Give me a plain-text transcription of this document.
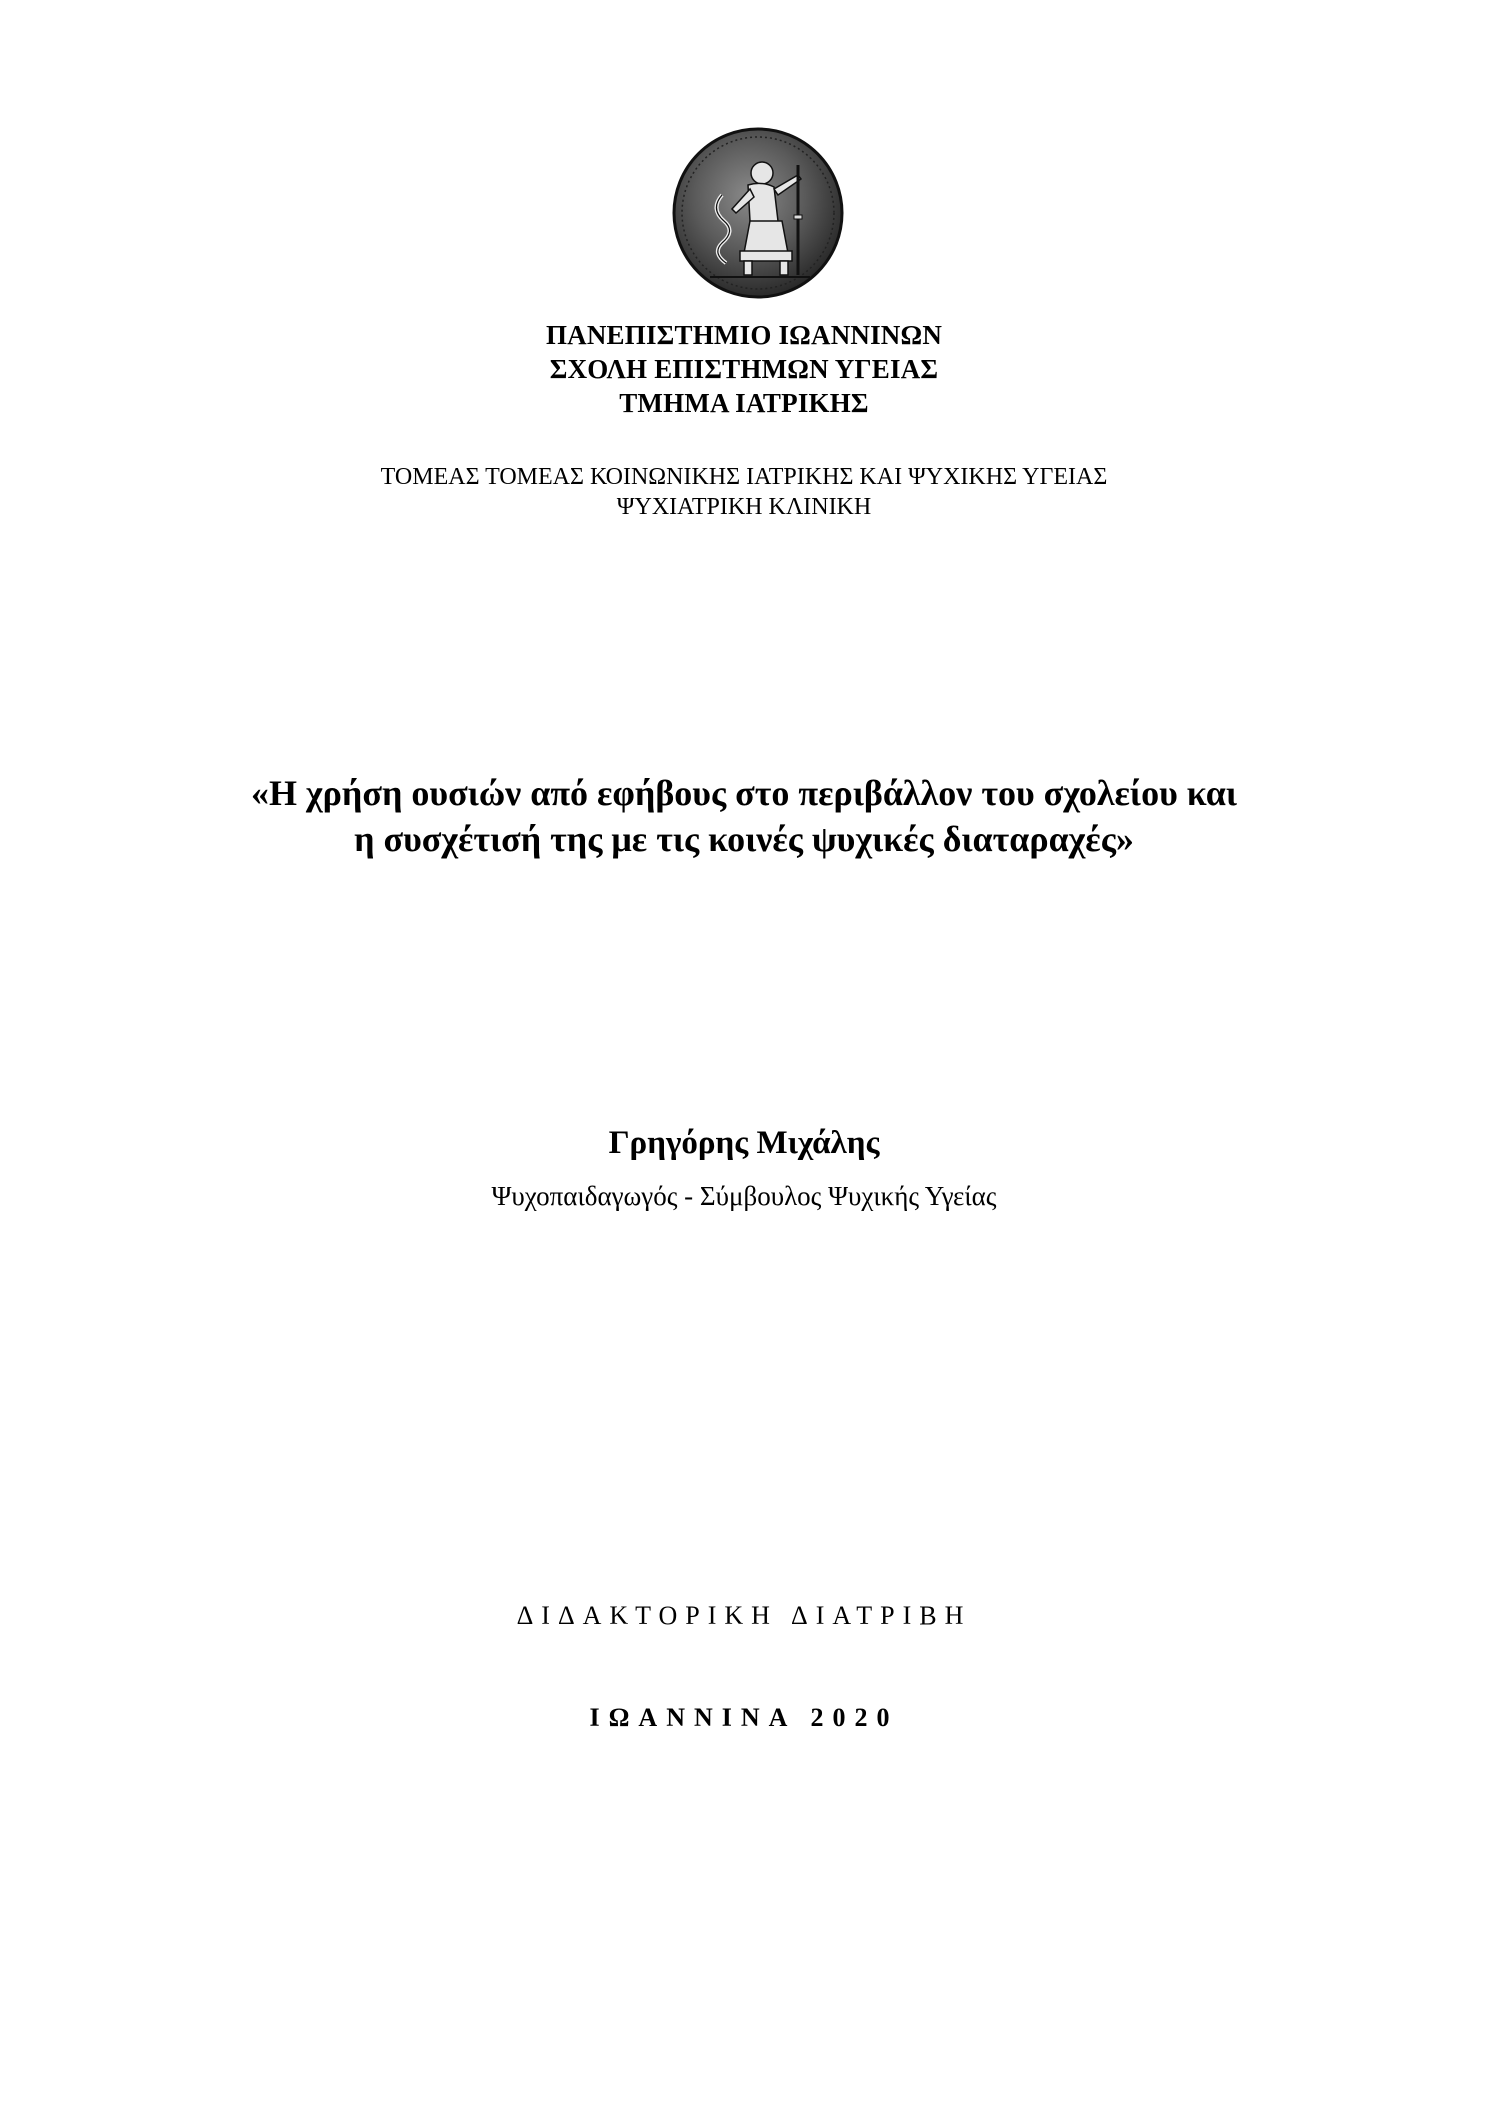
ΠΑΝΕΠΙΣΤΗΜΙΟ ΙΩΑΝΝΙΝΩΝ
ΣΧΟΛΗ ΕΠΙΣΤΗΜΩΝ ΥΓΕΙΑΣ
ΤΜΗΜΑ ΙΑΤΡΙΚΗΣ
ΤΟΜΕΑΣ ΤΟΜΕΑΣ ΚΟΙΝΩΝΙΚΗΣ ΙΑΤΡΙΚΗΣ ΚΑΙ ΨΥΧΙΚΗΣ ΥΓΕΙΑΣ
ΨΥΧΙΑΤΡΙΚΗ ΚΛΙΝΙΚΗ
«Η χρήση ουσιών από εφήβους στο περιβάλλον του σχολείου και
η συσχέτισή της με τις κοινές ψυχικές διαταραχές»
Γρηγόρης Μιχάλης
Ψυχοπαιδαγωγός - Σύμβουλος Ψυχικής Υγείας
ΔΙΔΑΚΤΟΡΙΚΗ ΔΙΑΤΡΙΒΗ
ΙΩΑΝΝΙΝΑ 2020
